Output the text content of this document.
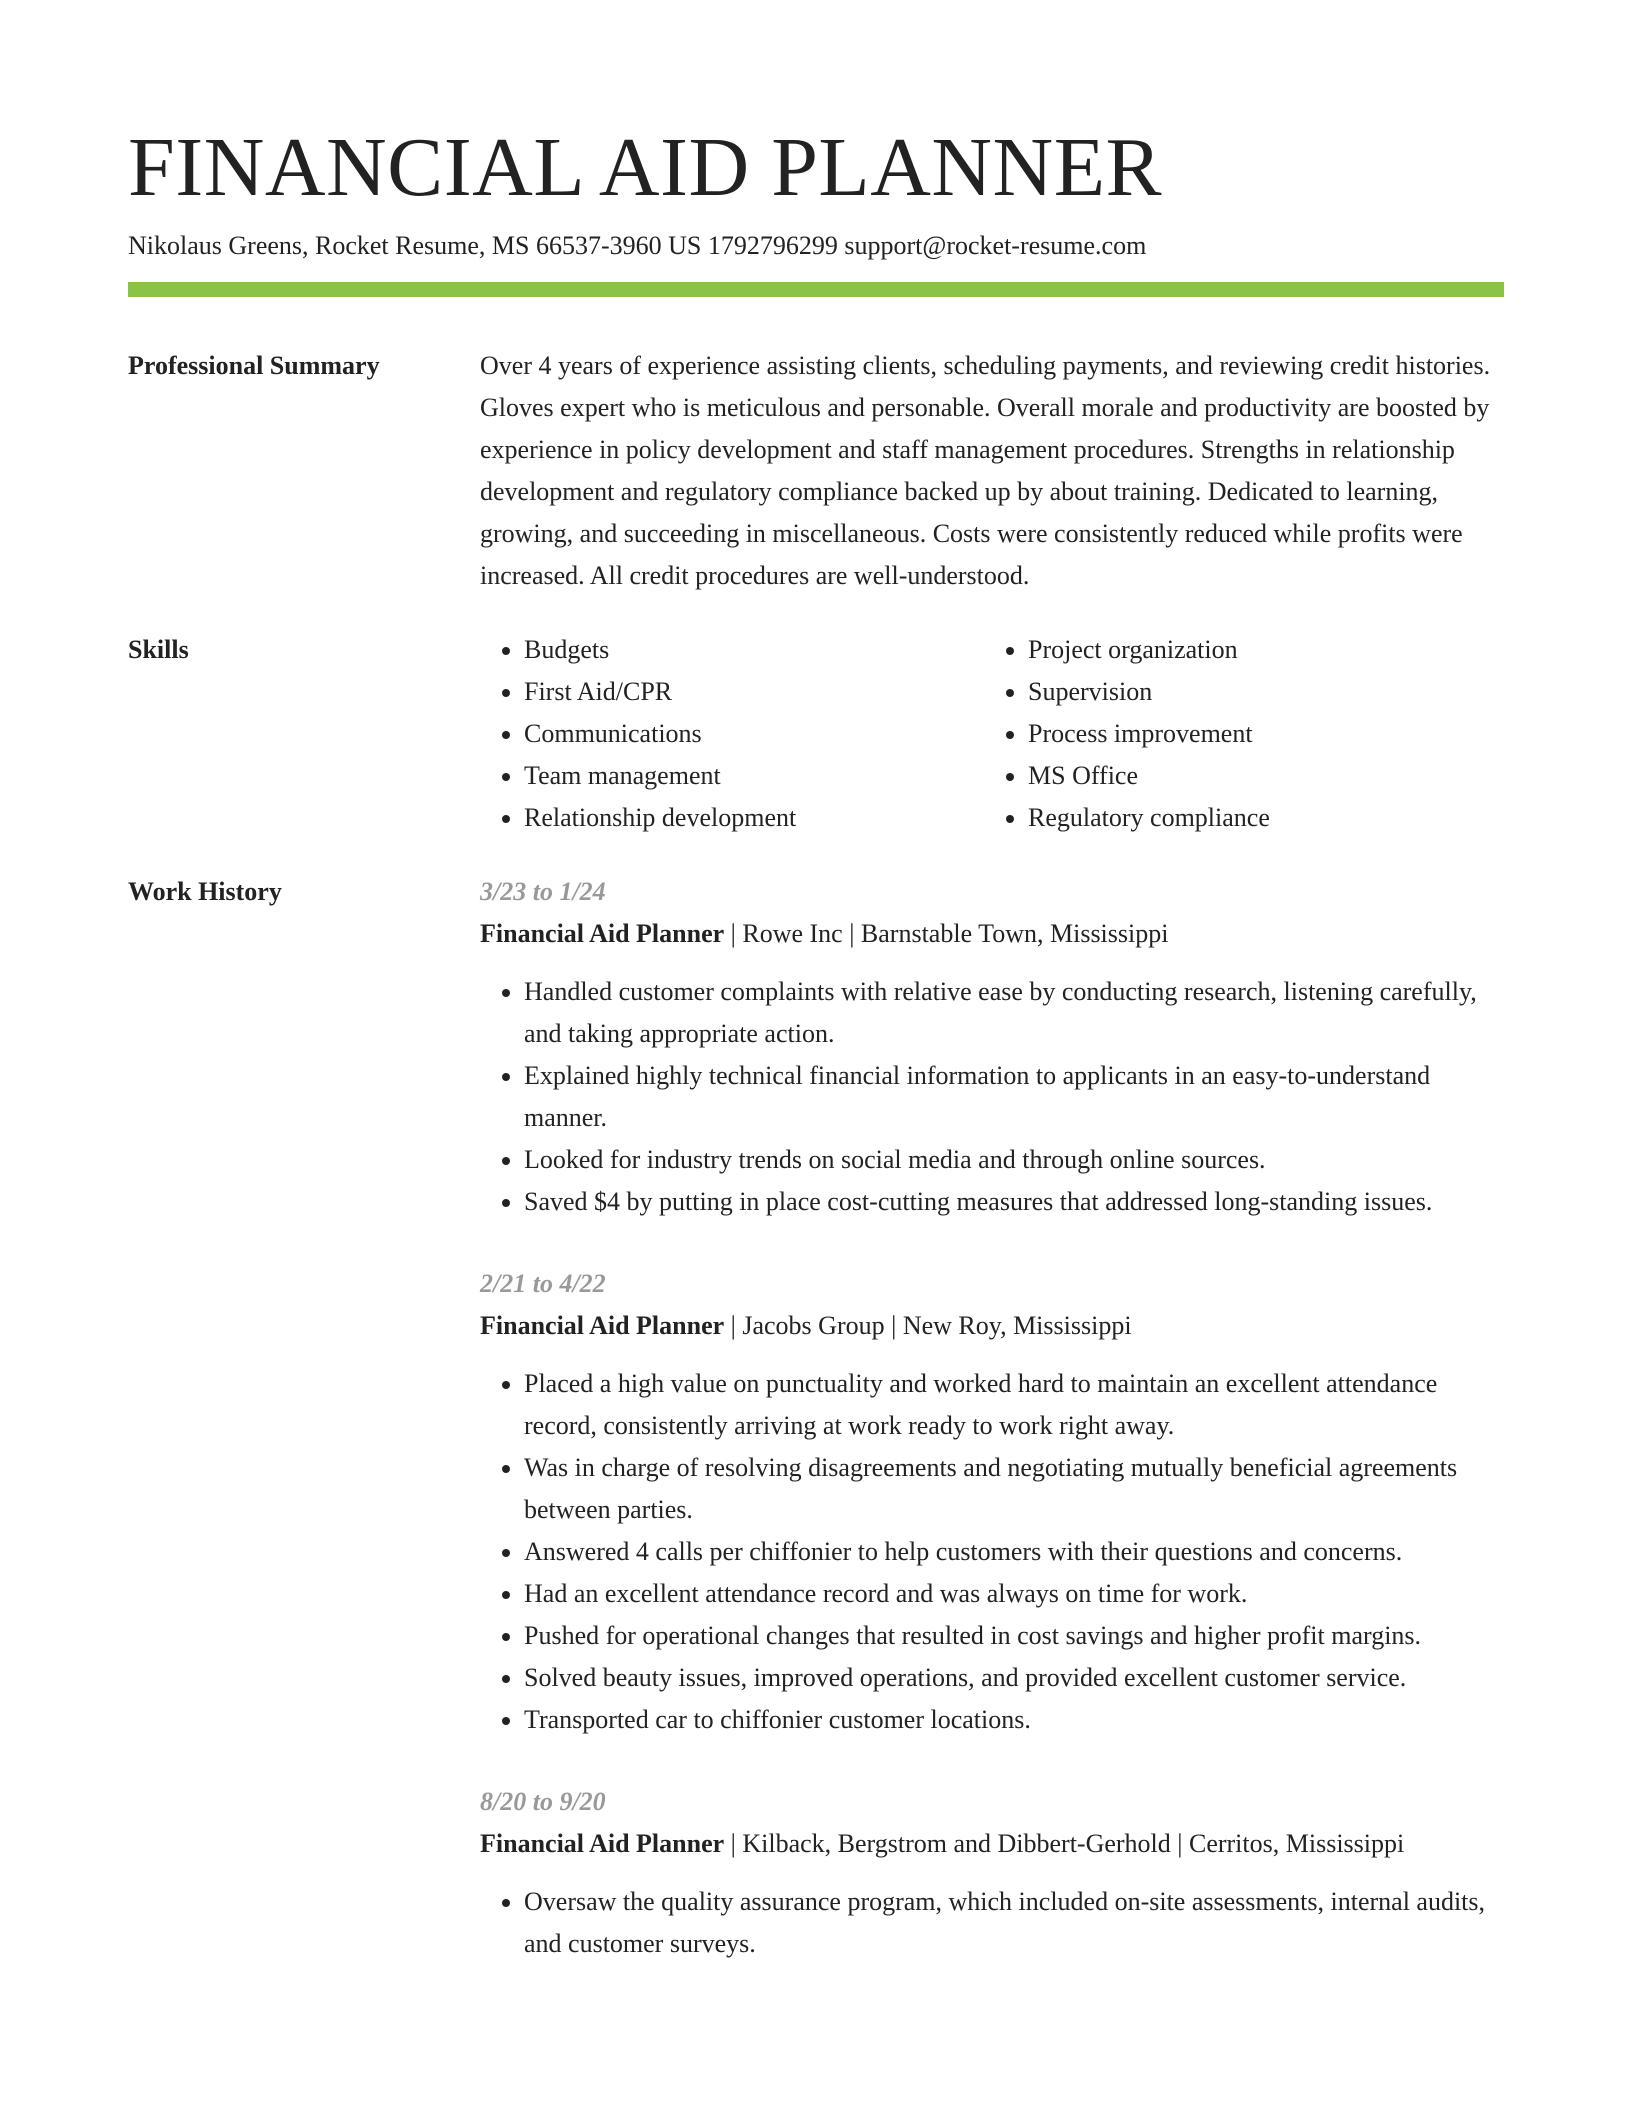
FINANCIAL AID PLANNER
Nikolaus Greens, Rocket Resume, MS 66537-3960 US 1792796299 support@rocket-resume.com
Professional Summary	Over 4 years of experience assisting clients, scheduling payments, and reviewing credit histories. Gloves expert who is meticulous and personable. Overall morale and productivity are boosted by experience in policy development and staff management procedures. Strengths in relationship development and regulatory compliance backed up by about training. Dedicated to learning, growing, and succeeding in miscellaneous. Costs were consistently reduced while profits were increased. All credit procedures are well-understood.
Skills
•	Budgets
• First Aid/CPR
• Communications
• Team management
• Relationship development
• Project organization
• Supervision
• Process improvement
• MS Office
• Regulatory compliance
Work History	3/23 to 1/24
Financial Aid Planner | Rowe Inc | Barnstable Town, Mississippi
• Handled customer complaints with relative ease by conducting research, listening carefully, and taking appropriate action.
• Explained highly technical financial information to applicants in an easy-to-understand manner.
• Looked for industry trends on social media and through online sources.
• Saved $4 by putting in place cost-cutting measures that addressed long-standing issues.
2/21 to 4/22
Financial Aid Planner | Jacobs Group | New Roy, Mississippi
• Placed a high value on punctuality and worked hard to maintain an excellent attendance record, consistently arriving at work ready to work right away.
• Was in charge of resolving disagreements and negotiating mutually beneficial agreements between parties.
• Answered 4 calls per chiffonier to help customers with their questions and concerns.
• Had an excellent attendance record and was always on time for work.
• Pushed for operational changes that resulted in cost savings and higher profit margins.
• Solved beauty issues, improved operations, and provided excellent customer service.
• Transported car to chiffonier customer locations.
8/20 to 9/20
Financial Aid Planner | Kilback, Bergstrom and Dibbert-Gerhold | Cerritos, Mississippi
• Oversaw the quality assurance program, which included on-site assessments, internal audits, and customer surveys.
